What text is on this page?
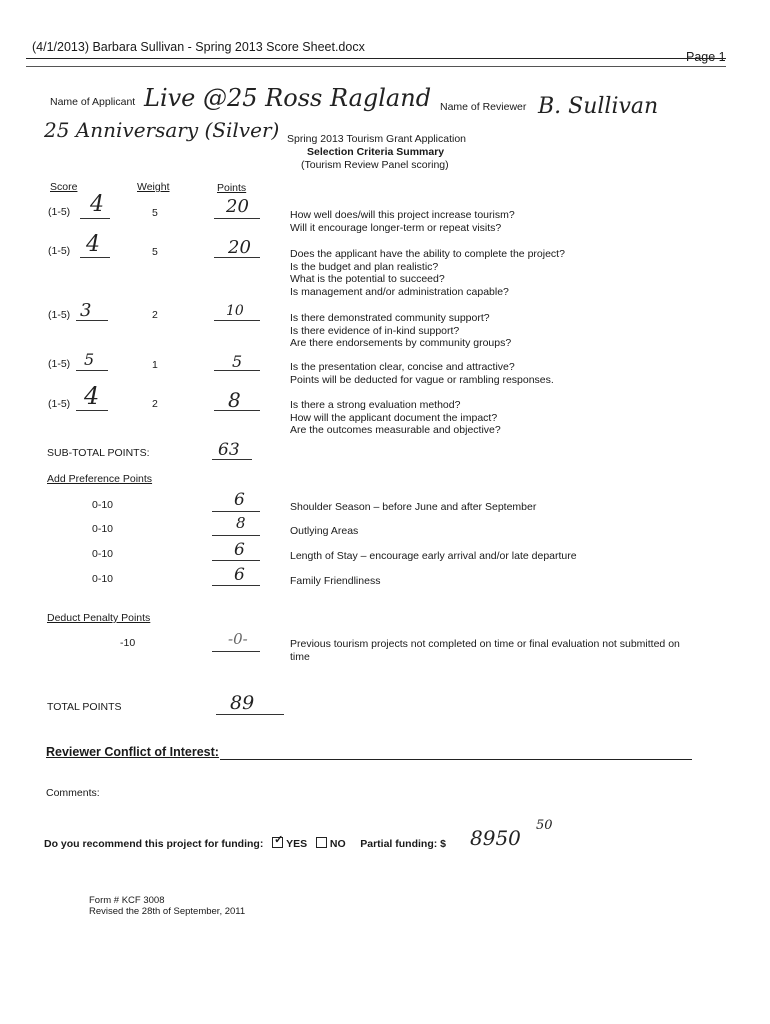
(4/1/2013) Barbara Sullivan - Spring 2013 Score Sheet.docx
Page 1
Name of Applicant Live @25 Ross Ragland
25 Anniversary (Silver)
Name of Reviewer B. Sullivan
Spring 2013 Tourism Grant Application
Selection Criteria Summary
(Tourism Review Panel scoring)
Score	Weight	Points
(1-5) 4	5	20	How well does/will this project increase tourism?
Will it encourage longer-term or repeat visits?
(1-5) 4	5	20	Does the applicant have the ability to complete the project?
Is the budget and plan realistic?
What is the potential to succeed?
Is management and/or administration capable?
(1-5) 3	2	10	Is there demonstrated community support?
Is there evidence of in-kind support?
Are there endorsements by community groups?
(1-5) 5	1	5	Is the presentation clear, concise and attractive?
Points will be deducted for vague or rambling responses.
(1-5) 4	2	8	Is there a strong evaluation method?
How will the applicant document the impact?
Are the outcomes measurable and objective?
SUB-TOTAL POINTS:	63
Add Preference Points
0-10	6	Shoulder Season – before June and after September
0-10	8	Outlying Areas
0-10	6	Length of Stay – encourage early arrival and/or late departure
0-10	6	Family Friendliness
Deduct Penalty Points
-10	-0-	Previous tourism projects not completed on time or final evaluation not submitted on
time
TOTAL POINTS	89
Reviewer Conflict of Interest:
Comments:
Do you recommend this project for funding:   ✓ YES NO Partial funding: $ 8950
50
Form # KCF 3008
Revised the 28th of September, 2011
